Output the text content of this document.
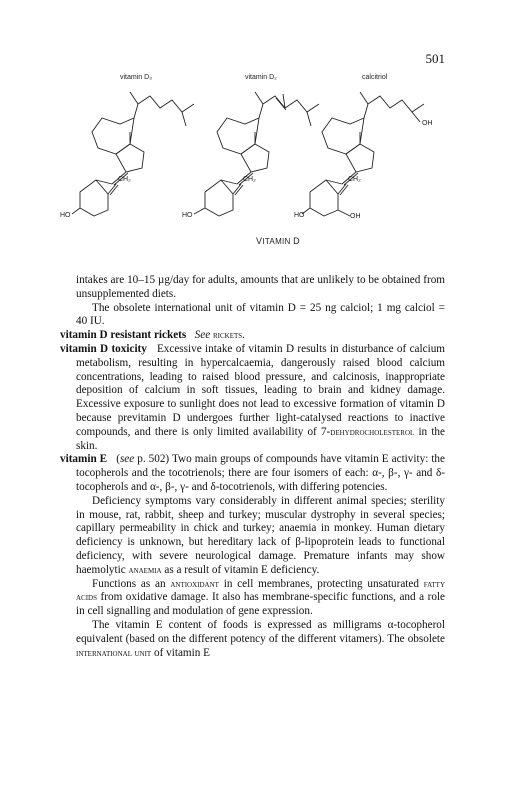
501
vitamin D₃	vitamin D₂	calcitriol
CH₂
HO
CH₂
HO
CH₂
HO	OH
OH
VITAMIN D

intakes are 10–15 µg/day for adults, amounts that are unlikely to be obtained from unsupplemented diets.

The obsolete international unit of vitamin D = 25 ng calciol; 1 mg calciol = 40 IU.

vitamin D resistant rickets See rickets.

vitamin D toxicity Excessive intake of vitamin D results in disturbance of calcium metabolism, resulting in hypercalcaemia, dangerously raised blood calcium concentrations, leading to raised blood pressure, and calcinosis, inappropriate deposition of calcium in soft tissues, leading to brain and kidney damage. Excessive exposure to sunlight does not lead to excessive formation of vitamin D because previtamin D undergoes further light-catalysed reactions to inactive compounds, and there is only limited availability of 7-dehydrocholesterol in the skin.

vitamin E (see p. 502) Two main groups of compounds have vitamin E activity: the tocopherols and the tocotrienols; there are four isomers of each: α-, β-, γ- and δ-tocopherols and α-, β-, γ- and δ-tocotrienols, with differing potencies.

Deficiency symptoms vary considerably in different animal species; sterility in mouse, rat, rabbit, sheep and turkey; muscular dystrophy in several species; capillary permeability in chick and turkey; anaemia in monkey. Human dietary deficiency is unknown, but hereditary lack of β-lipoprotein leads to functional deficiency, with severe neurological damage. Premature infants may show haemolytic anaemia as a result of vitamin E deficiency.

Functions as an antioxidant in cell membranes, protecting unsaturated fatty acids from oxidative damage. It also has membrane-specific functions, and a role in cell signalling and modulation of gene expression.

The vitamin E content of foods is expressed as milligrams α-tocopherol equivalent (based on the different potency of the different vitamers). The obsolete international unit of vitamin E
